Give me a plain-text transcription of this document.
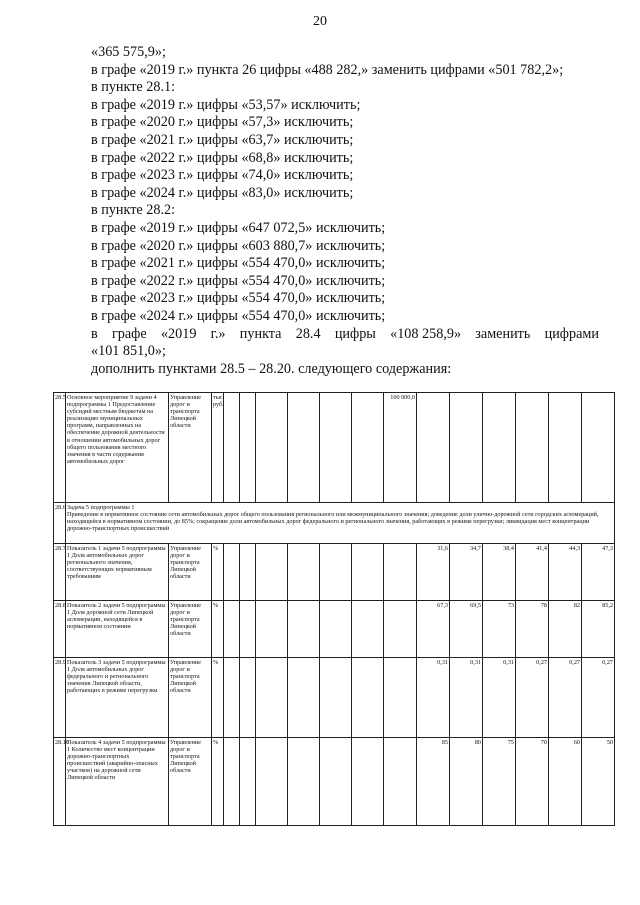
20
«365 575,9»;
в графе «2019 г.» пункта 26 цифры «488 282,» заменить цифрами «501 782,2»;
в пункте 28.1:
в графе «2019 г.» цифры «53,57» исключить;
в графе «2020 г.» цифры «57,3» исключить;
в графе «2021 г.» цифры «63,7» исключить;
в графе «2022 г.» цифры «68,8» исключить;
в графе «2023 г.» цифры «74,0» исключить;
в графе «2024 г.» цифры «83,0» исключить;
в пункте 28.2:
в графе «2019 г.» цифры «647 072,5» исключить;
в графе «2020 г.» цифры «603 880,7» исключить;
в графе «2021 г.» цифры «554 470,0» исключить;
в графе «2022 г.» цифры «554 470,0» исключить;
в графе «2023 г.» цифры «554 470,0» исключить;
в графе «2024 г.» цифры «554 470,0» исключить;
в графе «2019 г.» пункта 28.4 цифры «108 258,9» заменить цифрами
«101 851,0»;
дополнить пунктами 28.5 – 28.20. следующего содержания:
28.5	Основное мероприятие 9 задачи 4 подпрограммы 1 Предоставление субсидий местным бюджетам на реализацию муниципальных программ, направленных на обеспечение дорожной деятельности в отношении автомобильных дорог общего пользования местного значения в части содержания автомобильных дорог	Управление дорог и транспорта Липецкой области	тыс. руб.							100 000,0						
28.6	Задача 5 подпрограммы 1
Приведение в нормативное состояние сети автомобильных дорог общего пользования регионального или межмуниципального значения; доведение доли улично-дорожной сети городских агломераций, находящейся в нормативном состоянии, до 85%; сокращение доли автомобильных дорог федерального и регионального значения, работающих в режиме перегрузки; ликвидация мест концентрации дорожно-транспортных происшествий															

28.7	Показатель 1 задачи 5 подпрограммы 1 Доля автомобильных дорог регионального значения, соответствующих нормативным требованиям	Управление дорог и транспорта Липецкой области	%								31,6	34,7	38,4	41,4	44,3	47,3
28.8	Показатель 2 задачи 5 подпрограммы 1 Доля дорожной сети Липецкой агломерации, находящейся в нормативном состоянии	Управление дорог и транспорта Липецкой области	%								67,3	69,5	73	78	82	85,2
28.9	Показатель 3 задачи 5 подпрограммы 1 Доля автомобильных дорог федерального и регионального значения Липецкой области, работающих в режиме перегрузки	Управление дорог и транспорта Липецкой области	%								0,31	0,31	0,31	0,27	0,27	0,27
28.10	Показатель 4 задачи 5 подпрограммы 1 Количество мест концентрации дорожно-транспортных происшествий (аварийно-опасных участков) на дорожной сети Липецкой области	Управление дорог и транспорта Липецкой области	%								85	80	75	70	60	50
